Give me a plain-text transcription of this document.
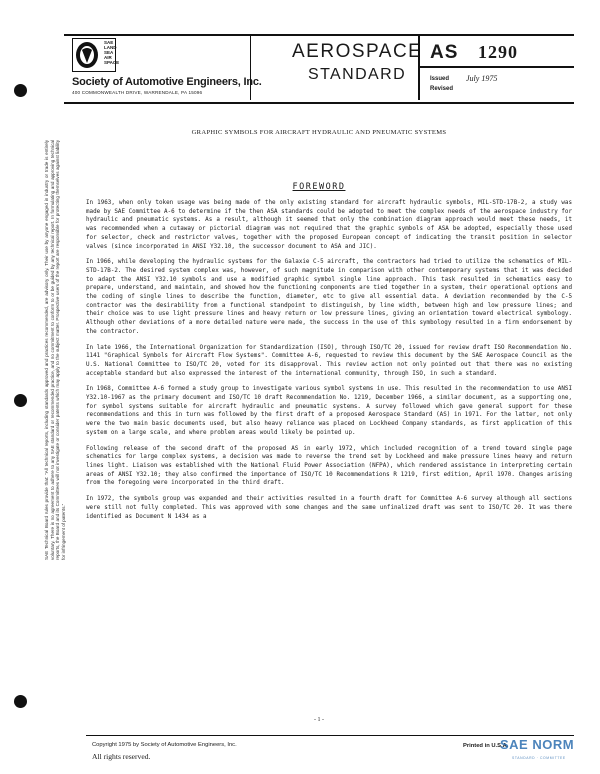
SAE Technical Board rules provide that: "All technical reports, including standards approved and practices recommended, are advisory only. Their use by anyone engaged in industry or trade is entirely voluntary. There is no agreement to adhere to any SAE standard or recommended practice, and no commitment to conform to or be guided by any technical report. In formulating and approving technical reports, the Board and its Committees will not investigate or consider patents which may apply to the subject matter. Prospective users of the report are responsible for protecting themselves against liability for infringement of patents."
SAE
LAND
SEA
AIR
SPACE
Society of Automotive Engineers, Inc.
400 COMMONWEALTH DRIVE, WARRENDALE, PA 15096
AEROSPACE
STANDARD
AS 1290
Issued July 1975
Revised
GRAPHIC SYMBOLS FOR AIRCRAFT HYDRAULIC AND PNEUMATIC SYSTEMS
FOREWORD

In 1963, when only token usage was being made of the only existing standard for aircraft hydraulic symbols, MIL-STD-17B-2, a study was made by SAE Committee A-6 to determine if the then ASA standards could be adopted to meet the complex needs of the aerospace industry for hydraulic and pneumatic systems. As a result, although it seemed that only the combination diagram approach would meet these needs, it was recommended when a cutaway or pictorial diagram was not required that the graphic symbols of ASA be adopted, especially those used for selector, check and restrictor valves, together with the proposed European concept of indicating the transit position in selector valves (since incorporated in ANSI Y32.10, the successor document to ASA and JIC).

In 1966, while developing the hydraulic systems for the Galaxie C-5 aircraft, the contractors had tried to utilize the schematics of MIL-STD-17B-2. The desired system complex was, however, of such magnitude in comparison with other contemporary systems that it was decided to adapt the ANSI Y32.10 symbols and use a modified graphic symbol single line approach. This task resulted in schematics easy to prepare, understand, and maintain, and showed how the functioning components are tied together in a system, their operational options and the coding of single lines to describe the function, diameter, etc to give all essential data. A deviation recommended by the C-5 contractor was the desirability from a functional standpoint to distinguish, by line width, between high and low pressure lines; and their choice was to use light pressure lines and heavy return or low pressure lines, giving an orientation toward electrical symbology. Although other deviations of a more detailed nature were made, the success in the use of this symbology resulted in a firm endorsement by the contractor.

In late 1966, the International Organization for Standardization (ISO), through ISO/TC 20, issued for review draft ISO Recommendation No. 1141 "Graphical Symbols for Aircraft Flow Systems". Committee A-6, requested to review this document by the SAE Aerospace Council as the U.S. National Committee to ISO/TC 20, voted for its disapproval. This review action not only pointed out that there was no existing acceptable standard but also expressed the interest of the international community, through ISO, in such a standard.

In 1968, Committee A-6 formed a study group to investigate various symbol systems in use. This resulted in the recommendation to use ANSI Y32.10-1967 as the primary document and ISO/TC 10 draft Recommendation No. 1219, December 1966, a similar document, as a supporting one, for symbol systems suitable for aircraft hydraulic and pneumatic systems. A survey followed which gave general support for these recommendations and this in turn was followed by the first draft of a proposed Aerospace Standard (AS) in 1971. For the latter, not only were the two main basic documents used, but also heavy reliance was placed on Lockheed Company standards, as first application of this system on a large scale, and where problem areas would likely be pointed up.

Following release of the second draft of the proposed AS in early 1972, which included recognition of a trend toward single page schematics for large complex systems, a decision was made to reverse the trend set by Lockheed and make pressure lines heavy and return lines light. Liaison was established with the National Fluid Power Association (NFPA), which rendered assistance in interpreting certain areas of ANSI Y32.10; they also confirmed the importance of ISO/TC 10 Recommendations R 1219, first edition, April 1970. Changes arising from the foregoing were incorporated in the third draft.

In 1972, the symbols group was expanded and their activities resulted in a fourth draft for Committee A-6 survey although all sections were still not fully completed. This was approved with some changes and the same unfinalized draft was sent to ISO/TC 20. It was there identified as Document N 1434 as a

- 1 -
Copyright 1975 by Society of Automotive Engineers, Inc.
All rights reserved.
Printed in U.S.A.
SAE NORM
STANDARD · COMMITTEE
